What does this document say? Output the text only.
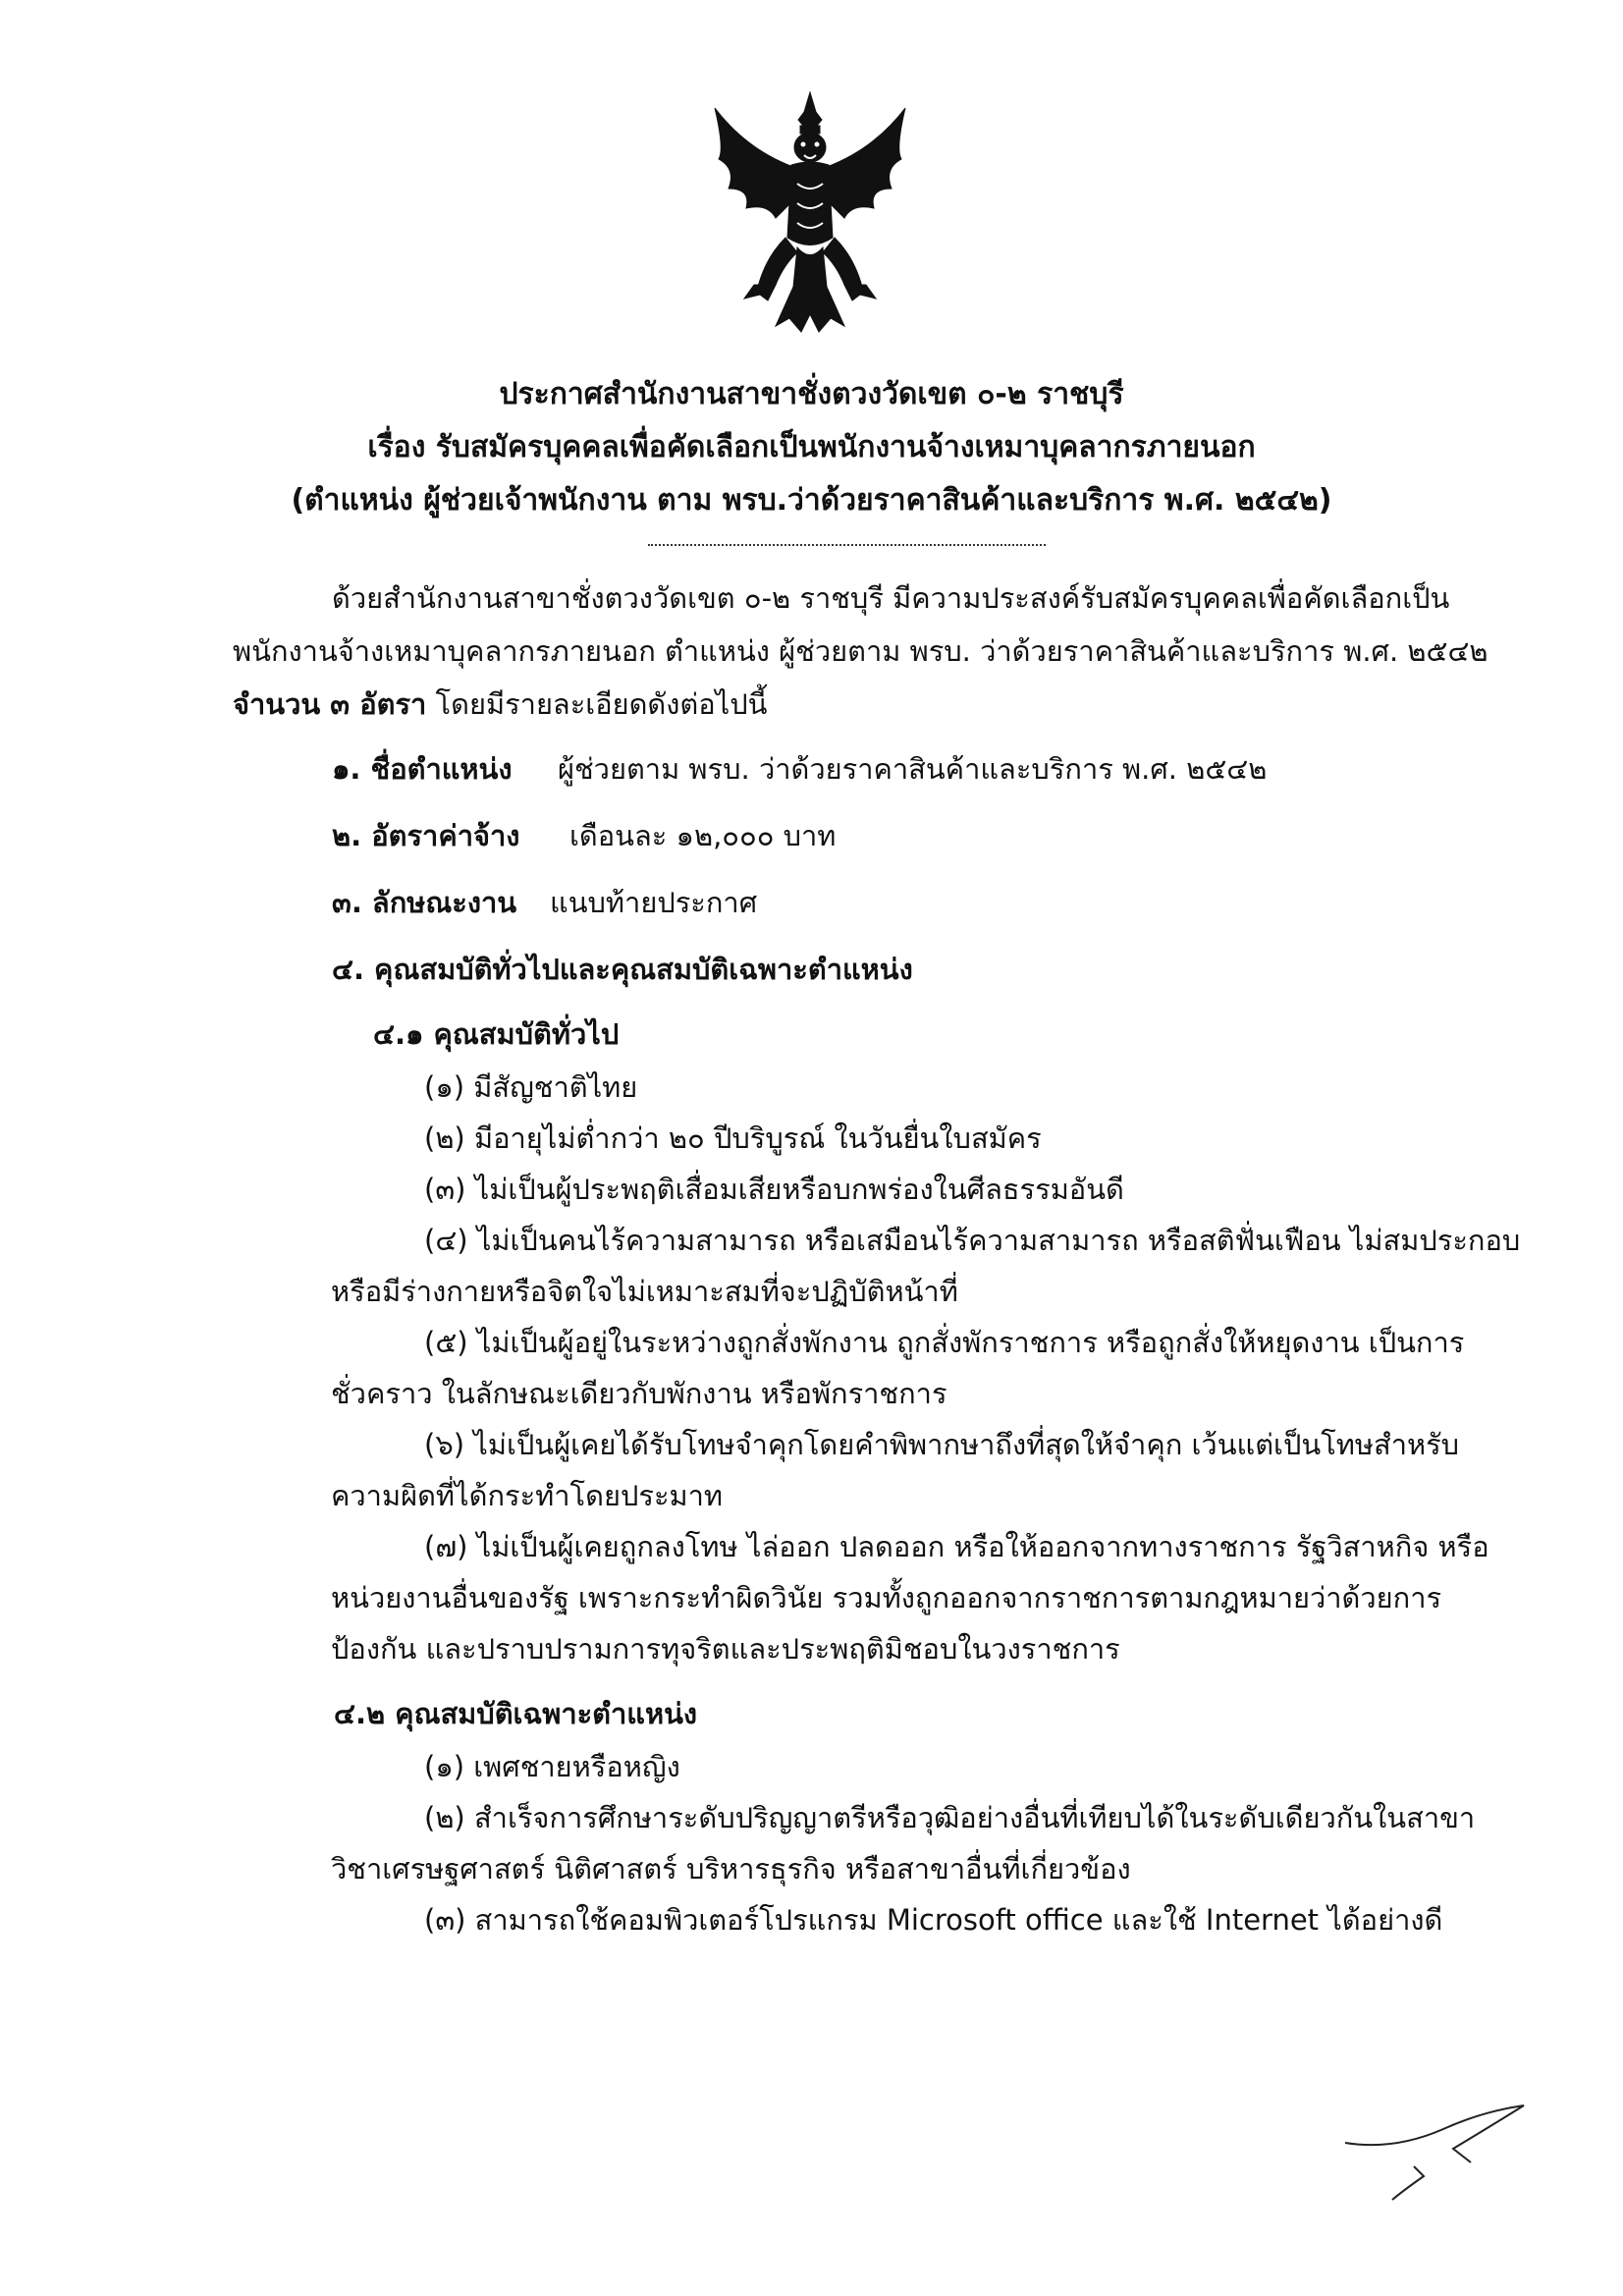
ประกาศสำนักงานสาขาชั่งตวงวัดเขต ๐-๒ ราชบุรี
เรื่อง รับสมัครบุคคลเพื่อคัดเลือกเป็นพนักงานจ้างเหมาบุคลากรภายนอก
(ตำแหน่ง ผู้ช่วยเจ้าพนักงาน ตาม พรบ.ว่าด้วยราคาสินค้าและบริการ พ.ศ. ๒๕๔๒)
ด้วยสำนักงานสาขาชั่งตวงวัดเขต ๐-๒ ราชบุรี มีความประสงค์รับสมัครบุคคลเพื่อคัดเลือกเป็น
พนักงานจ้างเหมาบุคลากรภายนอก ตำแหน่ง ผู้ช่วยตาม พรบ. ว่าด้วยราคาสินค้าและบริการ พ.ศ. ๒๕๔๒
จำนวน ๓ อัตรา โดยมีรายละเอียดดังต่อไปนี้
๑. ชื่อตำแหน่ง ผู้ช่วยตาม พรบ. ว่าด้วยราคาสินค้าและบริการ พ.ศ. ๒๕๔๒
๒. อัตราค่าจ้าง เดือนละ ๑๒,๐๐๐ บาท
๓. ลักษณะงาน แนบท้ายประกาศ
๔. คุณสมบัติทั่วไปและคุณสมบัติเฉพาะตำแหน่ง
๔.๑ คุณสมบัติทั่วไป
(๑) มีสัญชาติไทย
(๒) มีอายุไม่ต่ำกว่า ๒๐ ปีบริบูรณ์ ในวันยื่นใบสมัคร
(๓) ไม่เป็นผู้ประพฤติเสื่อมเสียหรือบกพร่องในศีลธรรมอันดี
(๔) ไม่เป็นคนไร้ความสามารถ หรือเสมือนไร้ความสามารถ หรือสติฟั่นเฟือน ไม่สมประกอบ
หรือมีร่างกายหรือจิตใจไม่เหมาะสมที่จะปฏิบัติหน้าที่
(๕) ไม่เป็นผู้อยู่ในระหว่างถูกสั่งพักงาน ถูกสั่งพักราชการ หรือถูกสั่งให้หยุดงาน เป็นการ
ชั่วคราว ในลักษณะเดียวกับพักงาน หรือพักราชการ
(๖) ไม่เป็นผู้เคยได้รับโทษจำคุกโดยคำพิพากษาถึงที่สุดให้จำคุก เว้นแต่เป็นโทษสำหรับ
ความผิดที่ได้กระทำโดยประมาท
(๗) ไม่เป็นผู้เคยถูกลงโทษ ไล่ออก ปลดออก หรือให้ออกจากทางราชการ รัฐวิสาหกิจ หรือ
หน่วยงานอื่นของรัฐ เพราะกระทำผิดวินัย รวมทั้งถูกออกจากราชการตามกฎหมายว่าด้วยการ
ป้องกัน และปราบปรามการทุจริตและประพฤติมิชอบในวงราชการ
๔.๒ คุณสมบัติเฉพาะตำแหน่ง
(๑) เพศชายหรือหญิง
(๒) สำเร็จการศึกษาระดับปริญญาตรีหรือวุฒิอย่างอื่นที่เทียบได้ในระดับเดียวกันในสาขา
วิชาเศรษฐศาสตร์ นิติศาสตร์ บริหารธุรกิจ หรือสาขาอื่นที่เกี่ยวข้อง
(๓) สามารถใช้คอมพิวเตอร์โปรแกรม Microsoft office และใช้ Internet ได้อย่างดี
